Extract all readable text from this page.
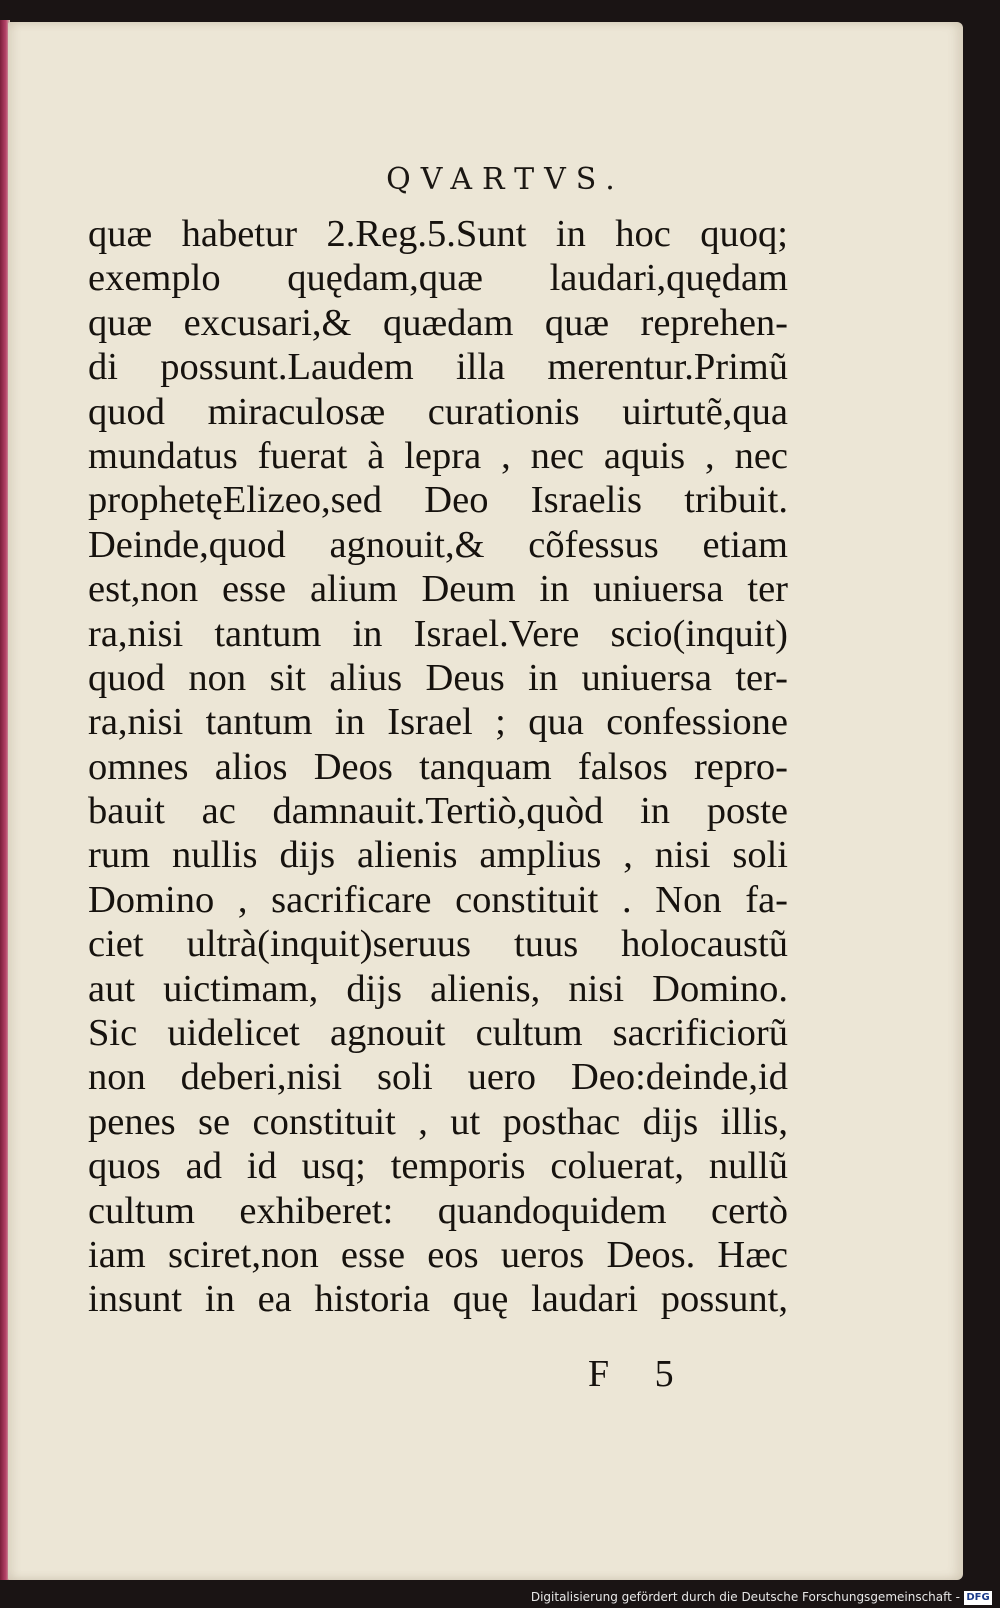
QVARTVS.
quæ habetur 2.Reg.5.Sunt in hoc quoq;
exemplo quędam,quæ laudari,quędam
quæ excusari,& quædam quæ reprehen-
di possunt.Laudem illa merentur.Primũ
quod miraculosæ curationis uirtutẽ,qua
mundatus fuerat à lepra , nec aquis , nec
prophetęElizeo,sed Deo Israelis tribuit.
Deinde,quod agnouit,& cõfessus etiam
est,non esse alium Deum in uniuersa ter
ra,nisi tantum in Israel.Vere scio(inquit)
quod non sit alius Deus in uniuersa ter-
ra,nisi tantum in Israel ; qua confessione
omnes alios Deos tanquam falsos repro-
bauit ac damnauit.Tertiò,quòd in poste
rum nullis dijs alienis amplius , nisi soli
Domino , sacrificare constituit . Non fa-
ciet ultrà(inquit)seruus tuus holocaustũ
aut uictimam, dijs alienis, nisi Domino.
Sic uidelicet agnouit cultum sacrificiorũ
non deberi,nisi soli uero Deo:deinde,id
penes se constituit , ut posthac dijs illis,
quos ad id usq; temporis coluerat, nullũ
cultum exhiberet: quandoquidem certò
iam sciret,non esse eos ueros Deos. Hæc
insunt in ea historia quę laudari possunt,
F 5
Digitalisierung gefördert durch die Deutsche Forschungsgemeinschaft - DFG
